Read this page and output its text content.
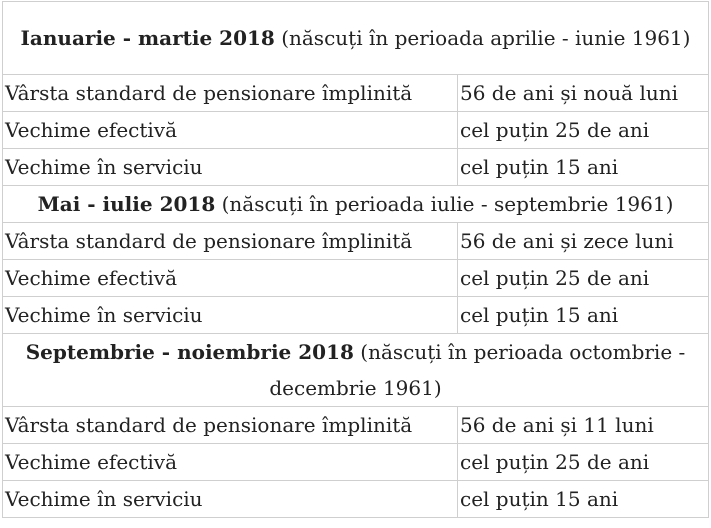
Ianuarie - martie 2018 (născuți în perioada aprilie - iunie 1961)	
Vârsta standard de pensionare împlinită	56 de ani și nouă luni
Vechime efectivă	cel puțin 25 de ani
Vechime în serviciu	cel puțin 15 ani
Mai - iulie 2018 (născuți în perioada iulie - septembrie 1961)	
Vârsta standard de pensionare împlinită	56 de ani și zece luni
Vechime efectivă	cel puțin 25 de ani
Vechime în serviciu	cel puțin 15 ani
Septembrie - noiembrie 2018 (născuți în perioada octombrie - decembrie 1961)	
Vârsta standard de pensionare împlinită	56 de ani și 11 luni
Vechime efectivă	cel puțin 25 de ani
Vechime în serviciu	cel puțin 15 ani
